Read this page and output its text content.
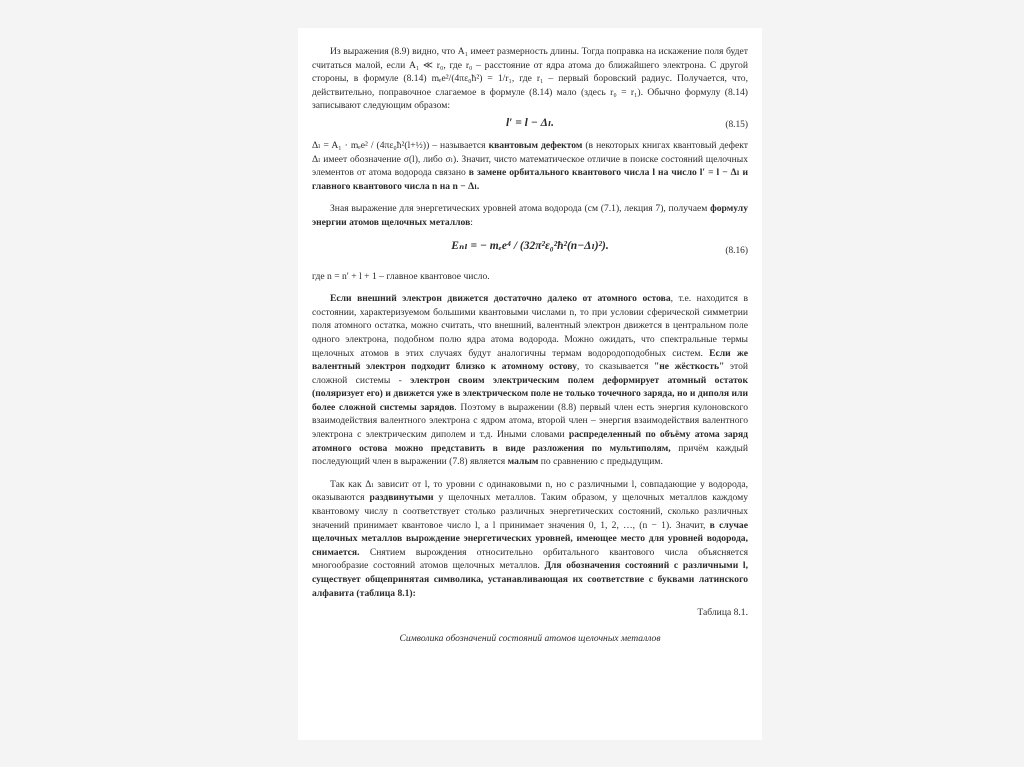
Из выражения (8.9) видно, что A₁ имеет размерность длины. Тогда поправка на искажение поля будет считаться малой, если A₁ ≪ r₀, где r₀ – расстояние от ядра атома до ближайшего электрона. С другой стороны, в формуле (8.14) mₑe²/(4πε₀ħ²) = 1/r₁, где r₁ – первый боровский радиус. Получается, что, действительно, поправочное слагаемое в формуле (8.14) мало (здесь r₀ = r₁). Обычно формулу (8.14) записывают следующим образом:

l′ = l − Δₗ.	(8.15)

Δₗ = A₁ · mₑe² / (4πε₀ħ²(l+½)) – называется квантовым дефектом (в некоторых книгах квантовый дефект Δₗ имеет обозначение σ(l), либо σₗ). Значит, чисто математическое отличие в поиске состояний щелочных элементов от атома водорода связано в замене орбитального квантового числа l на число l′ = l − Δₗ и главного квантового числа n на n − Δₗ.

Зная выражение для энергетических уровней атома водорода (см (7.1), лекция 7), получаем формулу энергии атомов щелочных металлов:

Eₙₗ = − mₑe⁴ / (32π²ε₀²ħ²(n−Δₗ)²).	(8.16)

где n = n′ + l + 1 – главное квантовое число.

Если внешний электрон движется достаточно далеко от атомного остова, т.е. находится в состоянии, характеризуемом большими квантовыми числами n, то при условии сферической симметрии поля атомного остатка, можно считать, что внешний, валентный электрон движется в центральном поле одного электрона, подобном полю ядра атома водорода. Можно ожидать, что спектральные термы щелочных атомов в этих случаях будут аналогичны термам водородоподобных систем. Если же валентный электрон подходит близко к атомному остову, то сказывается "не жёсткость" этой сложной системы - электрон своим электрическим полем деформирует атомный остаток (поляризует его) и движется уже в электрическом поле не только точечного заряда, но и диполя или более сложной системы зарядов. Поэтому в выражении (8.8) первый член есть энергия кулоновского взаимодействия валентного электрона с ядром атома, второй член – энергия взаимодействия валентного электрона с электрическим диполем и т.д. Иными словами распределенный по объёму атома заряд атомного остова можно представить в виде разложения по мультиполям, причём каждый последующий член в выражении (7.8) является малым по сравнению с предыдущим.

Так как Δₗ зависит от l, то уровни с одинаковыми n, но с различными l, совпадающие у водорода, оказываются раздвинутыми у щелочных металлов. Таким образом, у щелочных металлов каждому квантовому числу n соответствует столько различных энергетических состояний, сколько различных значений принимает квантовое число l, а l принимает значения 0, 1, 2, …, (n − 1). Значит, в случае щелочных металлов вырождение энергетических уровней, имеющее место для уровней водорода, снимается. Снятием вырождения относительно орбитального квантового числа объясняется многообразие состояний атомов щелочных металлов. Для обозначения состояний с различными l, существует общепринятая символика, устанавливающая их соответствие с буквами латинского алфавита (таблица 8.1):

Таблица 8.1.

Символика обозначений состояний атомов щелочных металлов
